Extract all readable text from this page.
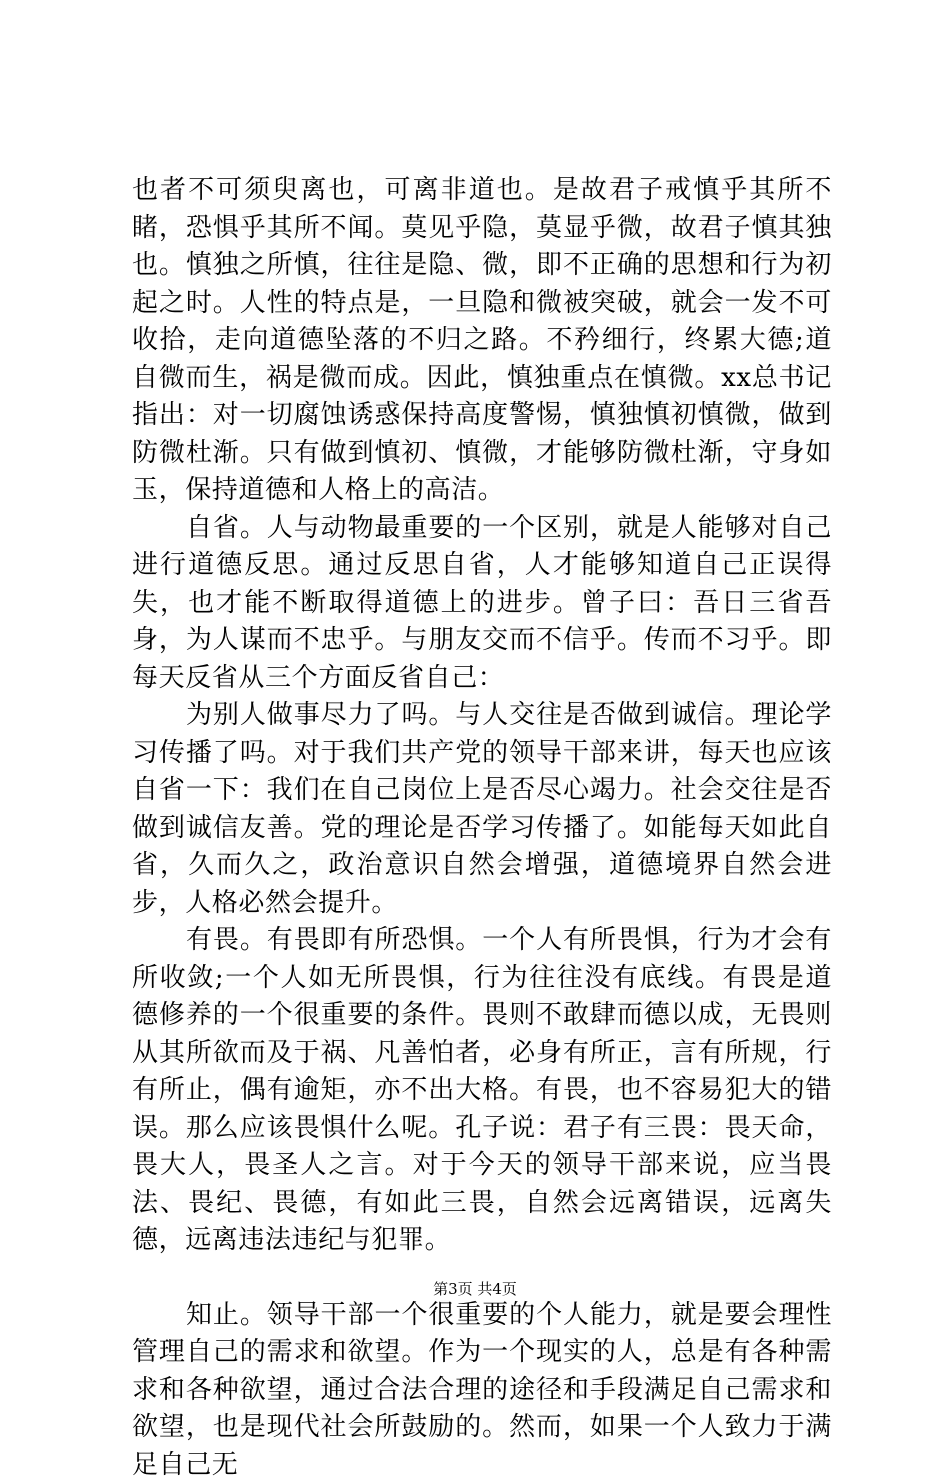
也者不可须臾离也，可离非道也。是故君子戒慎乎其所不睹，恐惧乎其所不闻。莫见乎隐，莫显乎微，故君子慎其独也。慎独之所慎，往往是隐、微，即不正确的思想和行为初起之时。人性的特点是，一旦隐和微被突破，就会一发不可收拾，走向道德坠落的不归之路。不矜细行，终累大德;道自微而生，祸是微而成。因此，慎独重点在慎微。xx总书记指出：对一切腐蚀诱惑保持高度警惕，慎独慎初慎微，做到防微杜渐。只有做到慎初、慎微，才能够防微杜渐，守身如玉，保持道德和人格上的高洁。

自省。人与动物最重要的一个区别，就是人能够对自己进行道德反思。通过反思自省，人才能够知道自己正误得失，也才能不断取得道德上的进步。曾子曰：吾日三省吾身，为人谋而不忠乎。与朋友交而不信乎。传而不习乎。即每天反省从三个方面反省自己：

为别人做事尽力了吗。与人交往是否做到诚信。理论学习传播了吗。对于我们共产党的领导干部来讲，每天也应该自省一下：我们在自己岗位上是否尽心竭力。社会交往是否做到诚信友善。党的理论是否学习传播了。如能每天如此自省，久而久之，政治意识自然会增强，道德境界自然会进步，人格必然会提升。

有畏。有畏即有所恐惧。一个人有所畏惧，行为才会有所收敛;一个人如无所畏惧，行为往往没有底线。有畏是道德修养的一个很重要的条件。畏则不敢肆而德以成，无畏则从其所欲而及于祸、凡善怕者，必身有所正，言有所规，行有所止，偶有逾矩，亦不出大格。有畏，也不容易犯大的错误。那么应该畏惧什么呢。孔子说：君子有三畏：畏天命，畏大人，畏圣人之言。对于今天的领导干部来说，应当畏法、畏纪、畏德，有如此三畏，自然会远离错误，远离失德，远离违法违纪与犯罪。

知止。领导干部一个很重要的个人能力，就是要会理性管理自己的需求和欲望。作为一个现实的人，总是有各种需求和各种欲望，通过合法合理的途径和手段满足自己需求和欲望，也是现代社会所鼓励的。然而，如果一个人致力于满足自己无

第3页 共4页
